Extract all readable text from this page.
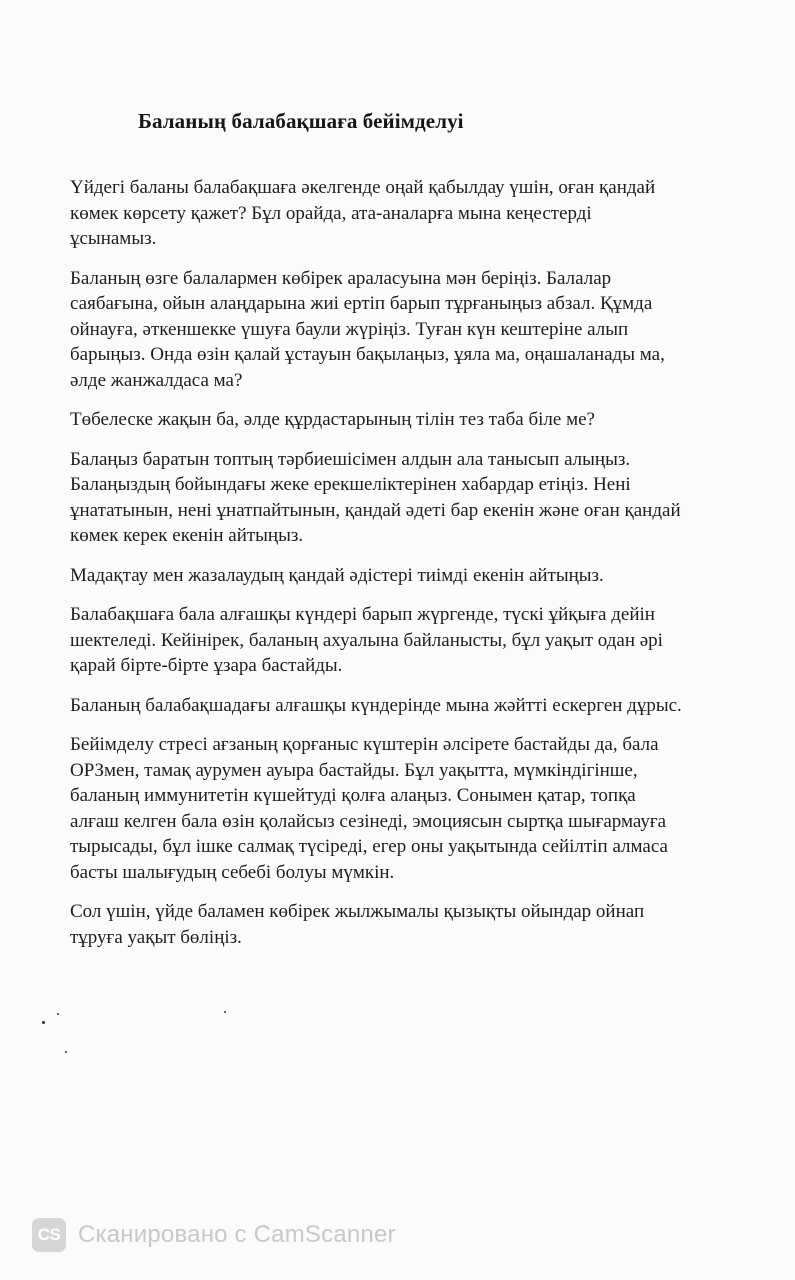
Баланың балабақшаға бейімделуі

Үйдегі баланы балабақшаға әкелгенде оңай қабылдау үшін, оған қандай
көмек көрсету қажет? Бұл орайда, ата-аналарға мына кеңестерді
ұсынамыз.

Баланың өзге балалармен көбірек араласуына мән беріңіз. Балалар
саябағына, ойын алаңдарына жиі ертіп барып тұрғаныңыз абзал. Құмда
ойнауға, әткеншекке үшуға баули жүріңіз. Туған күн кештеріне алып
барыңыз. Онда өзін қалай ұстауын бақылаңыз, ұяла ма, оңашаланады ма,
әлде жанжалдаса ма?

Төбелеске жақын ба, әлде құрдастарының тілін тез таба біле ме?

Балаңыз баратын топтың тәрбиешісімен алдын ала танысып алыңыз.
Балаңыздың бойындағы жеке ерекшеліктерінен хабардар етіңіз. Нені
ұнататынын, нені ұнатпайтынын, қандай әдеті бар екенін және оған қандай
көмек керек екенін айтыңыз.

Мадақтау мен жазалаудың қандай әдістері тиімді екенін айтыңыз.

Балабақшаға бала алғашқы күндері барып жүргенде, түскі ұйқыға дейін
шектеледі. Кейінірек, баланың ахуалына байланысты, бұл уақыт одан әрі
қарай бірте-бірте ұзара бастайды.

Баланың балабақшадағы алғашқы күндерінде мына жәйтті ескерген дұрыс.

Бейімделу стресі ағзаның қорғаныс күштерін әлсірете бастайды да, бала
ОРЗмен, тамақ аурумен ауыра бастайды. Бұл уақытта, мүмкіндігінше,
баланың иммунитетін күшейтуді қолға алаңыз. Сонымен қатар, топқа
алғаш келген бала өзін қолайсыз сезінеді, эмоциясын сыртқа шығармауға
тырысады, бұл ішке салмақ түсіреді, егер оны уақытында сейілтіп алмаса
басты шалығудың себебі болуы мүмкін.

Сол үшін, үйде баламен көбірек жылжымалы қызықты ойындар ойнап
тұруға уақыт бөліңіз.

CS Сканировано с CamScanner
